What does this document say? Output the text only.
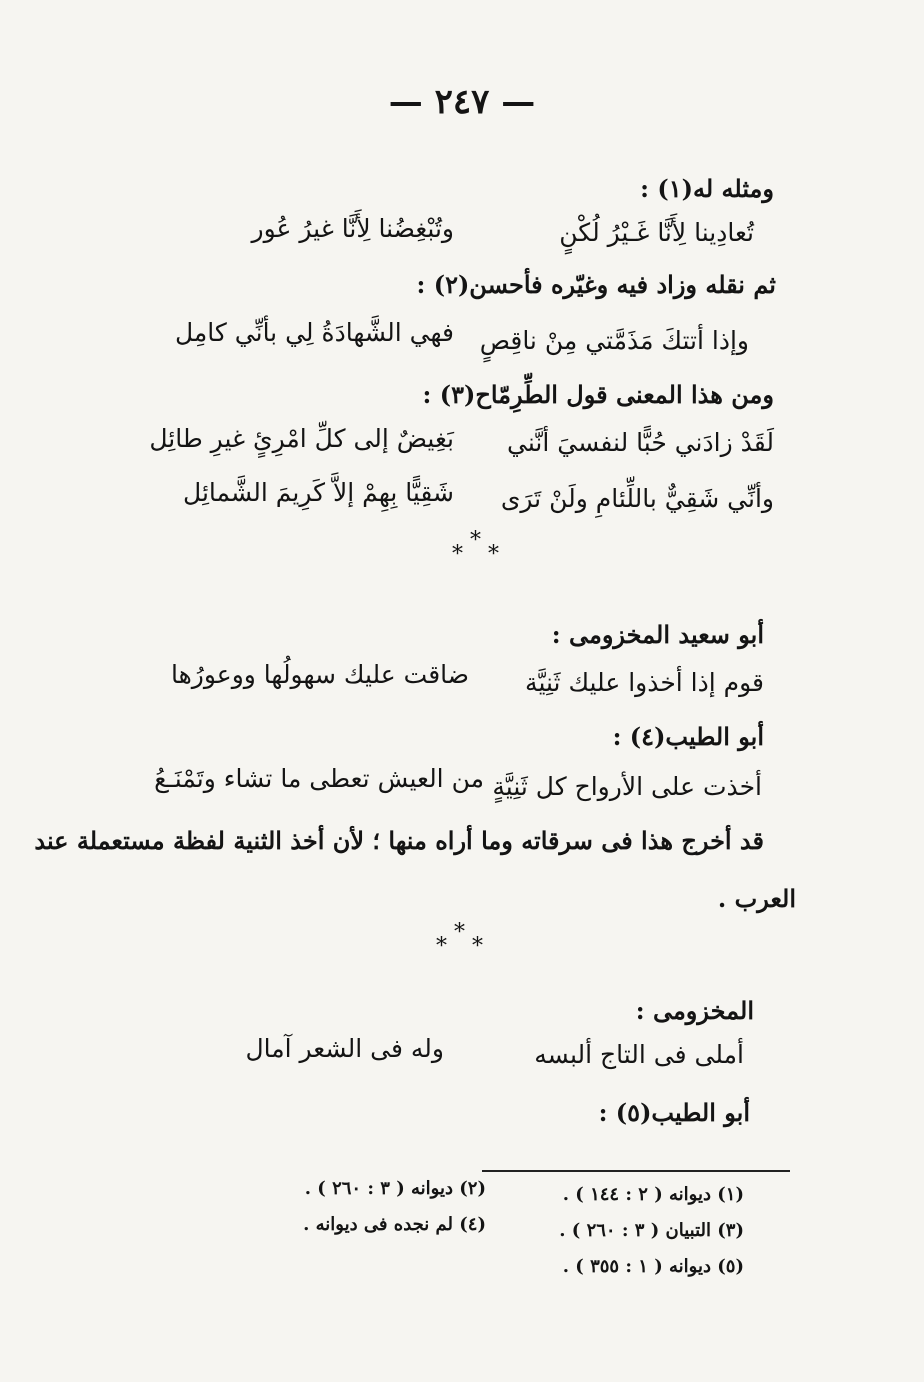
— ٢٤٧ —
ومثله له(١) :
تُعادِينا لِأَنَّا غَـيْرُ لُكْنٍ
وتُبْغِضُنا لِأَنَّا غيرُ عُور
ثم نقله وزاد فيه وغيّره فأحسن(٢) :
وإذا أتتكَ مَذَمَّتي مِنْ ناقِصٍ
فهي الشَّهادَةُ لِي بأنِّي كامِل
ومن هذا المعنى قول الطِّرِمّاح(٣) :
لَقَدْ زادَني حُبًّا لنفسيَ أنَّني
بَغِيضٌ إلى كلِّ امْرِئٍ غيرِ طائِل
وأنِّي شَقِيٌّ باللِّئامِ ولَنْ تَرَى
شَقِيًّا بِهِمْ إلاَّ كَرِيمَ الشَّمائِل
*
* *
أبو سعيد المخزومى :
قوم إذا أخذوا عليك ثَنِيَّة
ضاقت عليك سهولُها ووعورُها
أبو الطيب(٤) :
أخذت على الأرواح كل ثَنِيَّةٍ
من العيش تعطى ما تشاء وتَمْنَـعُ
قد أخرج هذا فى سرقاته وما أراه منها ؛ لأن أخذ الثنية لفظة مستعملة عند
العرب .
*
* *
المخزومى :
أملى فى التاج ألبسه
وله فى الشعر آمال
أبو الطيب(٥) :
(١) ديوانه ( ٢ : ١٤٤ ) .
(٢) ديوانه ( ٣ : ٢٦٠ ) .
(٣) التبيان ( ٣ : ٢٦٠ ) .
(٤) لم نجده فى ديوانه .
(٥) ديوانه ( ١ : ٣٥٥ ) .
